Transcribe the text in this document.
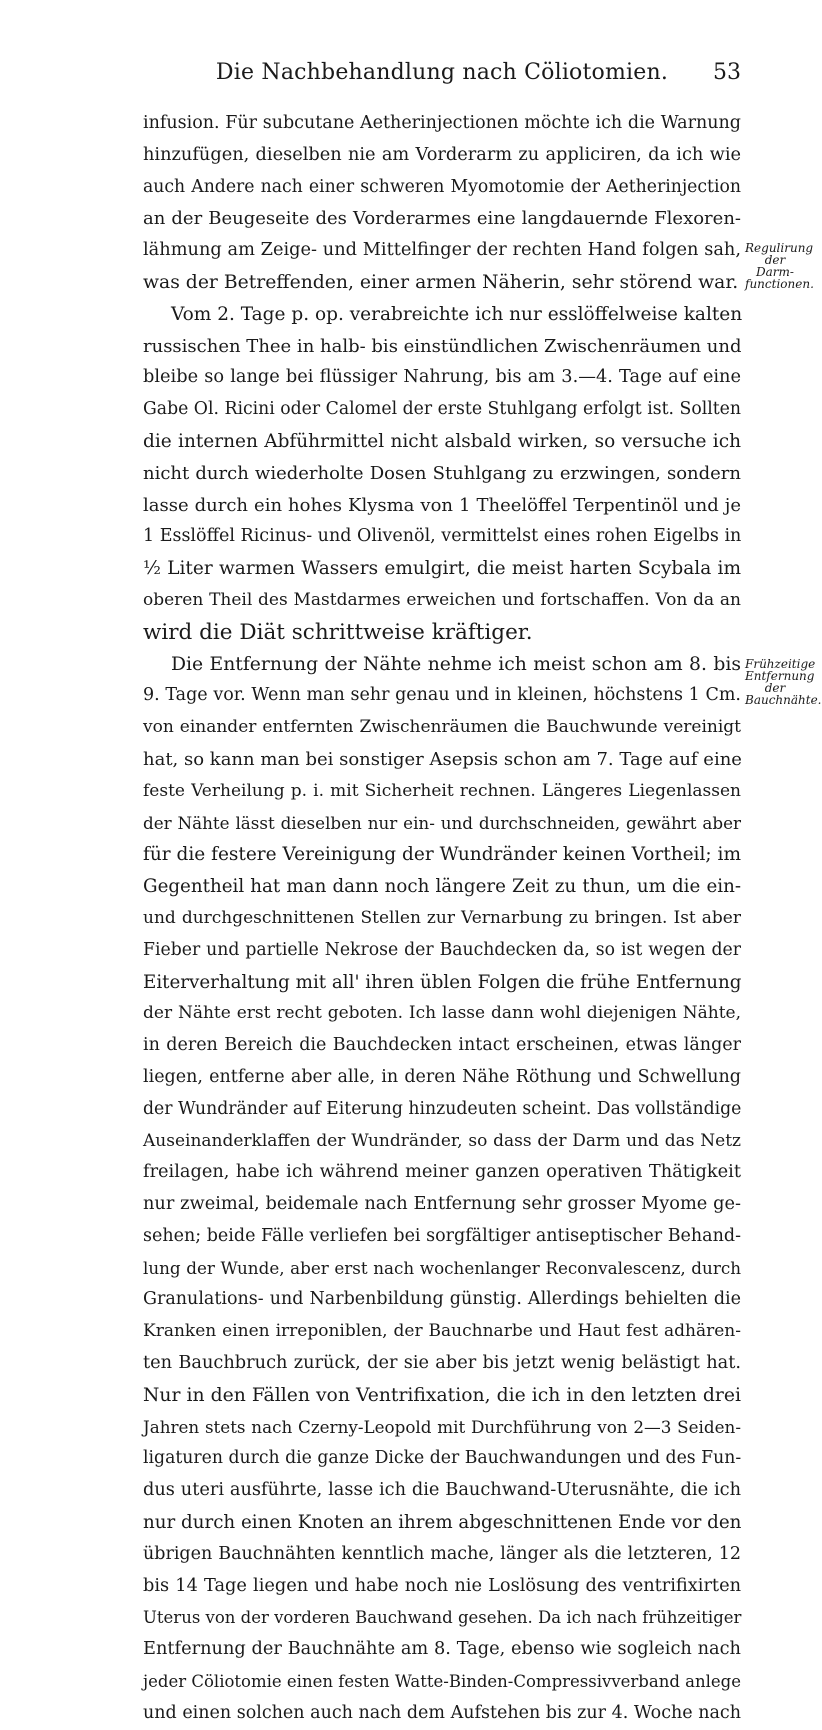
Die Nachbehandlung nach Cöliotomien.	53
Regulirung
der Darm-
functionen.
Frühzeitige
Entfernung
der
Bauchnähte.
infusion. Für subcutane Aetherinjectionen möchte ich die Warnung
hinzufügen, dieselben nie am Vorderarm zu appliciren, da ich wie
auch Andere nach einer schweren Myomotomie der Aetherinjection
an der Beugeseite des Vorderarmes eine langdauernde Flexoren-
lähmung am Zeige- und Mittelfinger der rechten Hand folgen sah,
was der Betreffenden, einer armen Näherin, sehr störend war.
Vom 2. Tage p. op. verabreichte ich nur esslöffelweise kalten
russischen Thee in halb- bis einstündlichen Zwischenräumen und
bleibe so lange bei flüssiger Nahrung, bis am 3.—4. Tage auf eine
Gabe Ol. Ricini oder Calomel der erste Stuhlgang erfolgt ist. Sollten
die internen Abführmittel nicht alsbald wirken, so versuche ich
nicht durch wiederholte Dosen Stuhlgang zu erzwingen, sondern
lasse durch ein hohes Klysma von 1 Theelöffel Terpentinöl und je
1 Esslöffel Ricinus- und Olivenöl, vermittelst eines rohen Eigelbs in
½ Liter warmen Wassers emulgirt, die meist harten Scybala im
oberen Theil des Mastdarmes erweichen und fortschaffen. Von da an
wird die Diät schrittweise kräftiger.
Die Entfernung der Nähte nehme ich meist schon am 8. bis
9. Tage vor. Wenn man sehr genau und in kleinen, höchstens 1 Cm.
von einander entfernten Zwischenräumen die Bauchwunde vereinigt
hat, so kann man bei sonstiger Asepsis schon am 7. Tage auf eine
feste Verheilung p. i. mit Sicherheit rechnen. Längeres Liegenlassen
der Nähte lässt dieselben nur ein- und durchschneiden, gewährt aber
für die festere Vereinigung der Wundränder keinen Vortheil; im
Gegentheil hat man dann noch längere Zeit zu thun, um die ein-
und durchgeschnittenen Stellen zur Vernarbung zu bringen. Ist aber
Fieber und partielle Nekrose der Bauchdecken da, so ist wegen der
Eiterverhaltung mit all' ihren üblen Folgen die frühe Entfernung
der Nähte erst recht geboten. Ich lasse dann wohl diejenigen Nähte,
in deren Bereich die Bauchdecken intact erscheinen, etwas länger
liegen, entferne aber alle, in deren Nähe Röthung und Schwellung
der Wundränder auf Eiterung hinzudeuten scheint. Das vollständige
Auseinanderklaffen der Wundränder, so dass der Darm und das Netz
freilagen, habe ich während meiner ganzen operativen Thätigkeit
nur zweimal, beidemale nach Entfernung sehr grosser Myome ge-
sehen; beide Fälle verliefen bei sorgfältiger antiseptischer Behand-
lung der Wunde, aber erst nach wochenlanger Reconvalescenz, durch
Granulations- und Narbenbildung günstig. Allerdings behielten die
Kranken einen irreponiblen, der Bauchnarbe und Haut fest adhären-
ten Bauchbruch zurück, der sie aber bis jetzt wenig belästigt hat.
Nur in den Fällen von Ventrifixation, die ich in den letzten drei
Jahren stets nach Czerny-Leopold mit Durchführung von 2—3 Seiden-
ligaturen durch die ganze Dicke der Bauchwandungen und des Fun-
dus uteri ausführte, lasse ich die Bauchwand-Uterusnähte, die ich
nur durch einen Knoten an ihrem abgeschnittenen Ende vor den
übrigen Bauchnähten kenntlich mache, länger als die letzteren, 12
bis 14 Tage liegen und habe noch nie Loslösung des ventrifixirten
Uterus von der vorderen Bauchwand gesehen. Da ich nach frühzeitiger
Entfernung der Bauchnähte am 8. Tage, ebenso wie sogleich nach
jeder Cöliotomie einen festen Watte-Binden-Compressivverband anlege
und einen solchen auch nach dem Aufstehen bis zur 4. Woche nach
